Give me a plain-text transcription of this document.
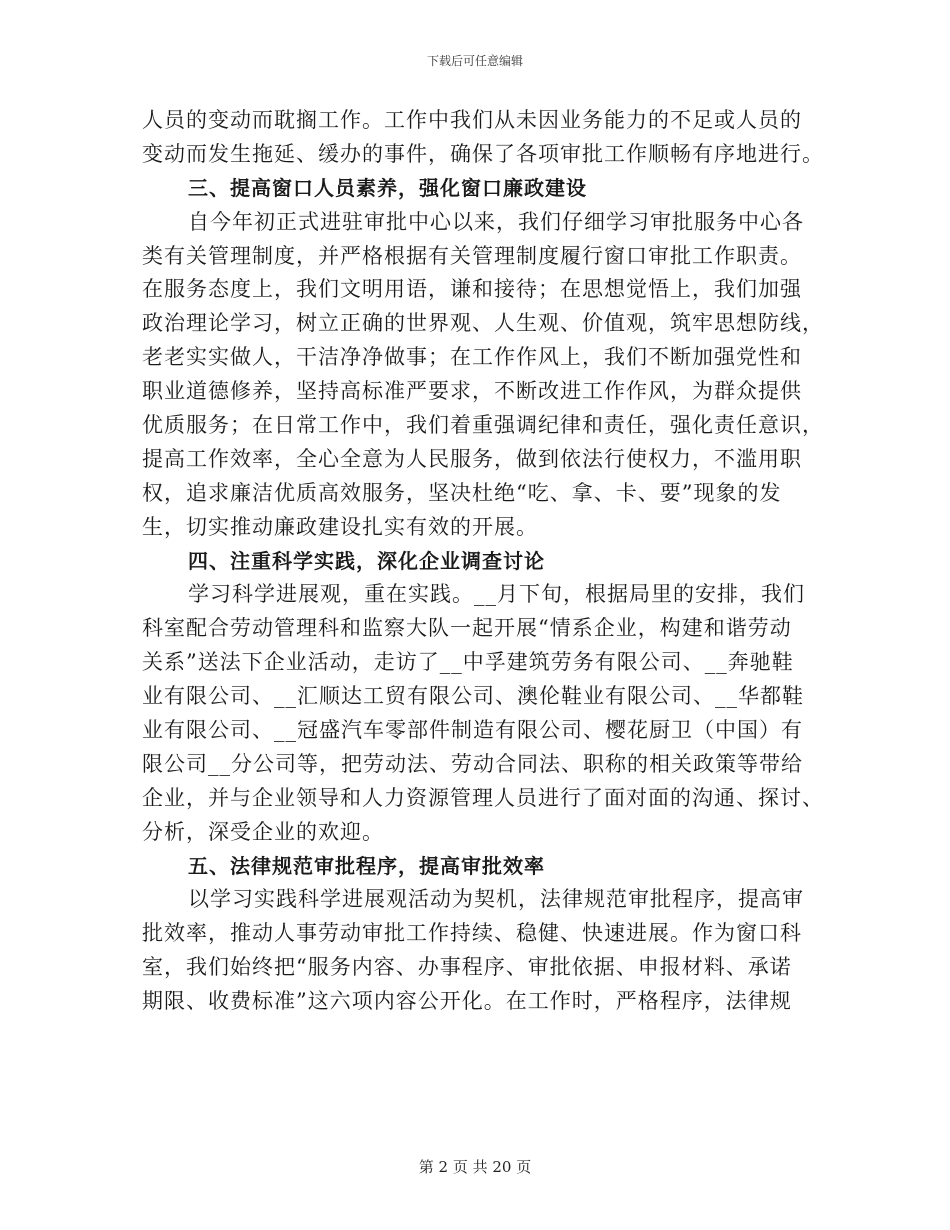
下载后可任意编辑
人员的变动而耽搁工作。工作中我们从未因业务能力的不足或人员的
变动而发生拖延、缓办的事件，确保了各项审批工作顺畅有序地进行。
三、提高窗口人员素养，强化窗口廉政建设
自今年初正式进驻审批中心以来，我们仔细学习审批服务中心各
类有关管理制度，并严格根据有关管理制度履行窗口审批工作职责。
在服务态度上，我们文明用语，谦和接待；在思想觉悟上，我们加强
政治理论学习，树立正确的世界观、人生观、价值观，筑牢思想防线，
老老实实做人，干洁净净做事；在工作作风上，我们不断加强党性和
职业道德修养，坚持高标准严要求，不断改进工作作风，为群众提供
优质服务；在日常工作中，我们着重强调纪律和责任，强化责任意识，
提高工作效率，全心全意为人民服务，做到依法行使权力，不滥用职
权，追求廉洁优质高效服务，坚决杜绝“吃、拿、卡、要”现象的发
生，切实推动廉政建设扎实有效的开展。
四、注重科学实践，深化企业调查讨论
学习科学进展观，重在实践。__月下旬，根据局里的安排，我们
科室配合劳动管理科和监察大队一起开展“情系企业，构建和谐劳动
关系”送法下企业活动，走访了__中孚建筑劳务有限公司、__奔驰鞋
业有限公司、__汇顺达工贸有限公司、澳伦鞋业有限公司、__华都鞋
业有限公司、__冠盛汽车零部件制造有限公司、樱花厨卫（中国）有
限公司__分公司等，把劳动法、劳动合同法、职称的相关政策等带给
企业，并与企业领导和人力资源管理人员进行了面对面的沟通、探讨、
分析，深受企业的欢迎。
五、法律规范审批程序，提高审批效率
以学习实践科学进展观活动为契机，法律规范审批程序，提高审
批效率，推动人事劳动审批工作持续、稳健、快速进展。作为窗口科
室，我们始终把“服务内容、办事程序、审批依据、申报材料、承诺
期限、收费标准”这六项内容公开化。在工作时，严格程序，法律规
第 2 页 共 20 页
